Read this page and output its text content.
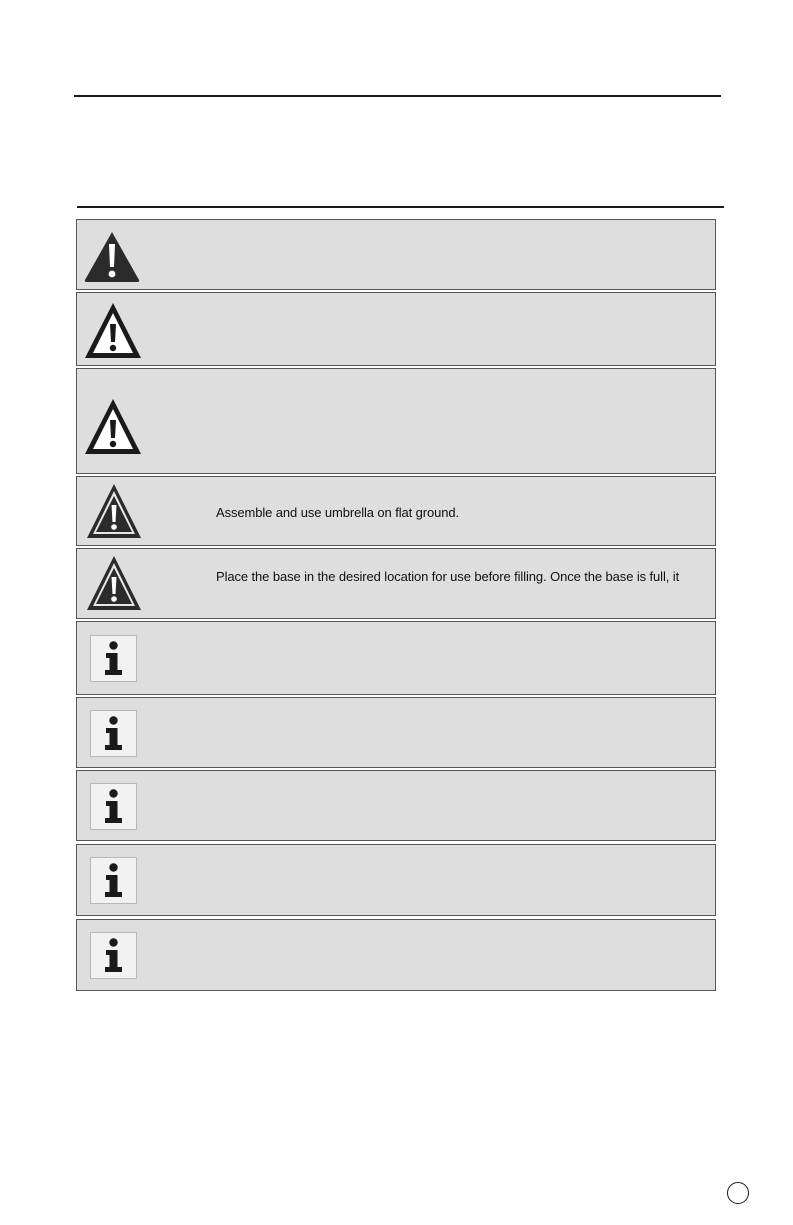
Assemble and use umbrella on flat ground.
Place the base in the desired location for use before filling. Once the base is full, it
